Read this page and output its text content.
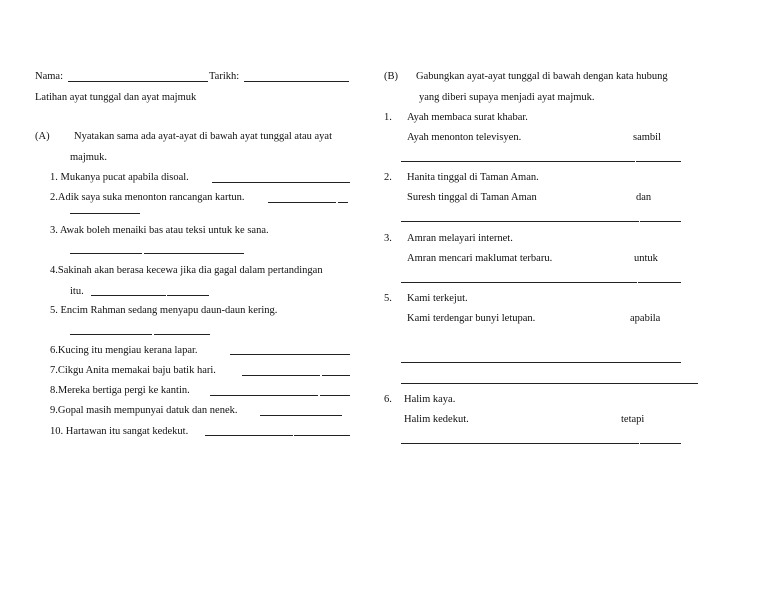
Nama:	Tarikh:
Latihan ayat tunggal dan ayat majmuk
(A) Nyatakan sama ada ayat-ayat di bawah ayat tunggal atau ayat
majmuk.
1. Mukanya pucat apabila disoal.
2.Adik saya suka menonton rancangan kartun.
3. Awak boleh menaiki bas atau teksi untuk ke sana.
4.Sakinah akan berasa kecewa jika dia gagal dalam pertandingan
itu.
5. Encim Rahman sedang menyapu daun-daun kering.
6.Kucing itu mengiau kerana lapar.
7.Cikgu Anita memakai baju batik hari.
8.Mereka bertiga pergi ke kantin.
9.Gopal masih mempunyai datuk dan nenek.
10. Hartawan itu sangat kedekut.
(B) Gabungkan ayat-ayat tunggal di bawah dengan kata hubung
yang diberi supaya menjadi ayat majmuk.
1. Ayah membaca surat khabar.
Ayah menonton televisyen.	sambil
2. Hanita tinggal di Taman Aman.
Suresh tinggal di Taman Aman	dan
3. Amran melayari internet.
Amran mencari maklumat terbaru.	untuk
5. Kami terkejut.
Kami terdengar bunyi letupan.	apabila
6. Halim kaya.
Halim kedekut.	tetapi
